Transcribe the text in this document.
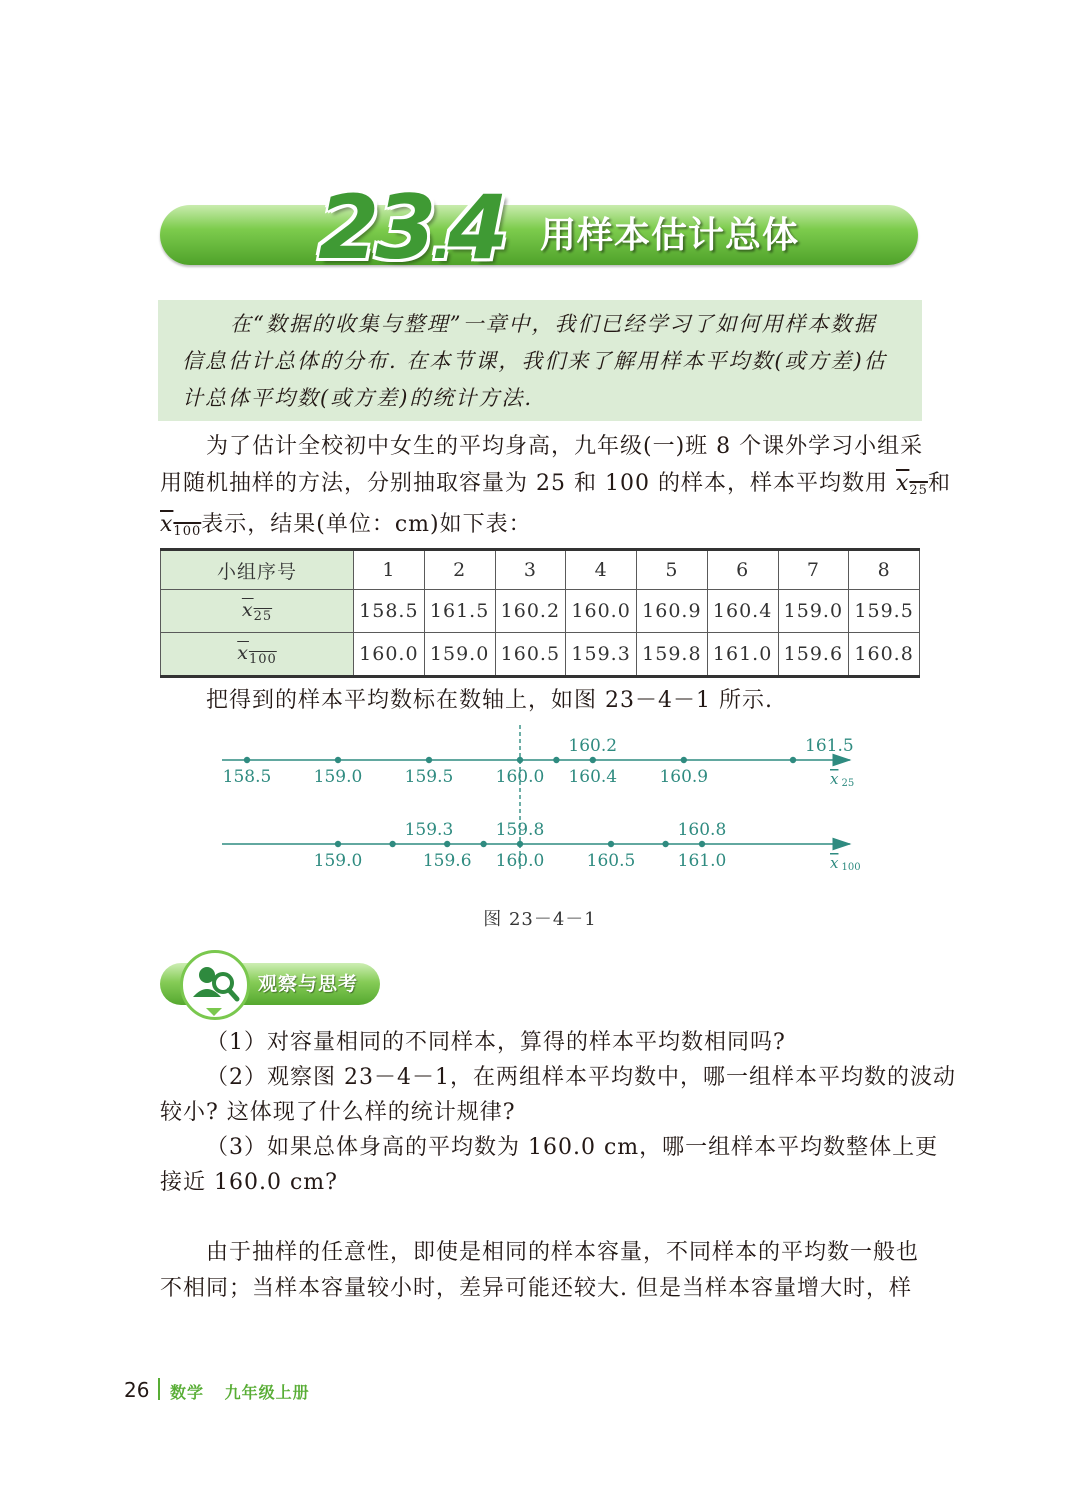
23.4 用样本估计总体
在“数据的收集与整理”一章中，我们已经学习了如何用样本数据
信息估计总体的分布. 在本节课，我们来了解用样本平均数(或方差)估
计总体平均数(或方差)的统计方法.
为了估计全校初中女生的平均身高，九年级(一)班 8 个课外学习小组采
用随机抽样的方法，分别抽取容量为 25 和 100 的样本，样本平均数用 $x_{25}$和
$x_{100}$表示，结果(单位：cm)如下表：
小组序号	1	2	3	4	5	6	7	8
$x_{25}$	158.5	161.5	160.2	160.0	160.9	160.4	159.0	159.5
$x_{100}$	160.0	159.0	160.5	159.3	159.8	161.0	159.6	160.8
把得到的样本平均数标在数轴上，如图 23－4－1 所示.
x 25
158.5 159.0 159.5 160.0
160.2
160.4 160.9
161.5
x 100
159.0
159.3
159.6
159.8
160.0 160.5
160.8
161.0
图 23－4－1
观察与思考
（1）对容量相同的不同样本，算得的样本平均数相同吗?
（2）观察图 23－4－1，在两组样本平均数中，哪一组样本平均数的波动
较小? 这体现了什么样的统计规律?
（3）如果总体身高的平均数为 160.0 cm，哪一组样本平均数整体上更
接近 160.0 cm?
由于抽样的任意性，即使是相同的样本容量，不同样本的平均数一般也
不相同；当样本容量较小时，差异可能还较大. 但是当样本容量增大时，样
26 数学 九年级上册
